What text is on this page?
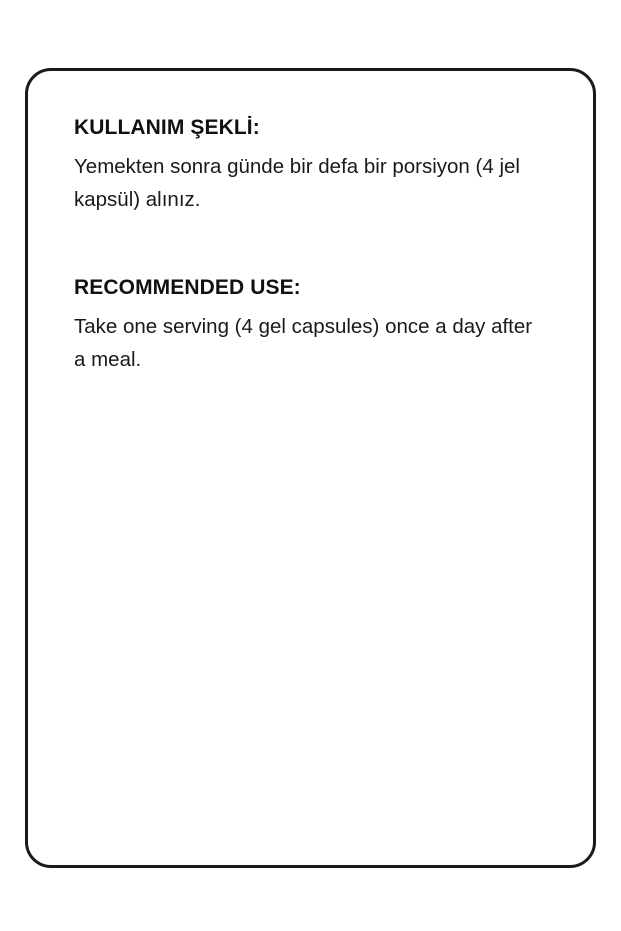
KULLANIM ŞEKLİ:

Yemekten sonra günde bir defa bir porsiyon (4 jel kapsül) alınız.

RECOMMENDED USE:

Take one serving (4 gel capsules) once a day after a meal.
